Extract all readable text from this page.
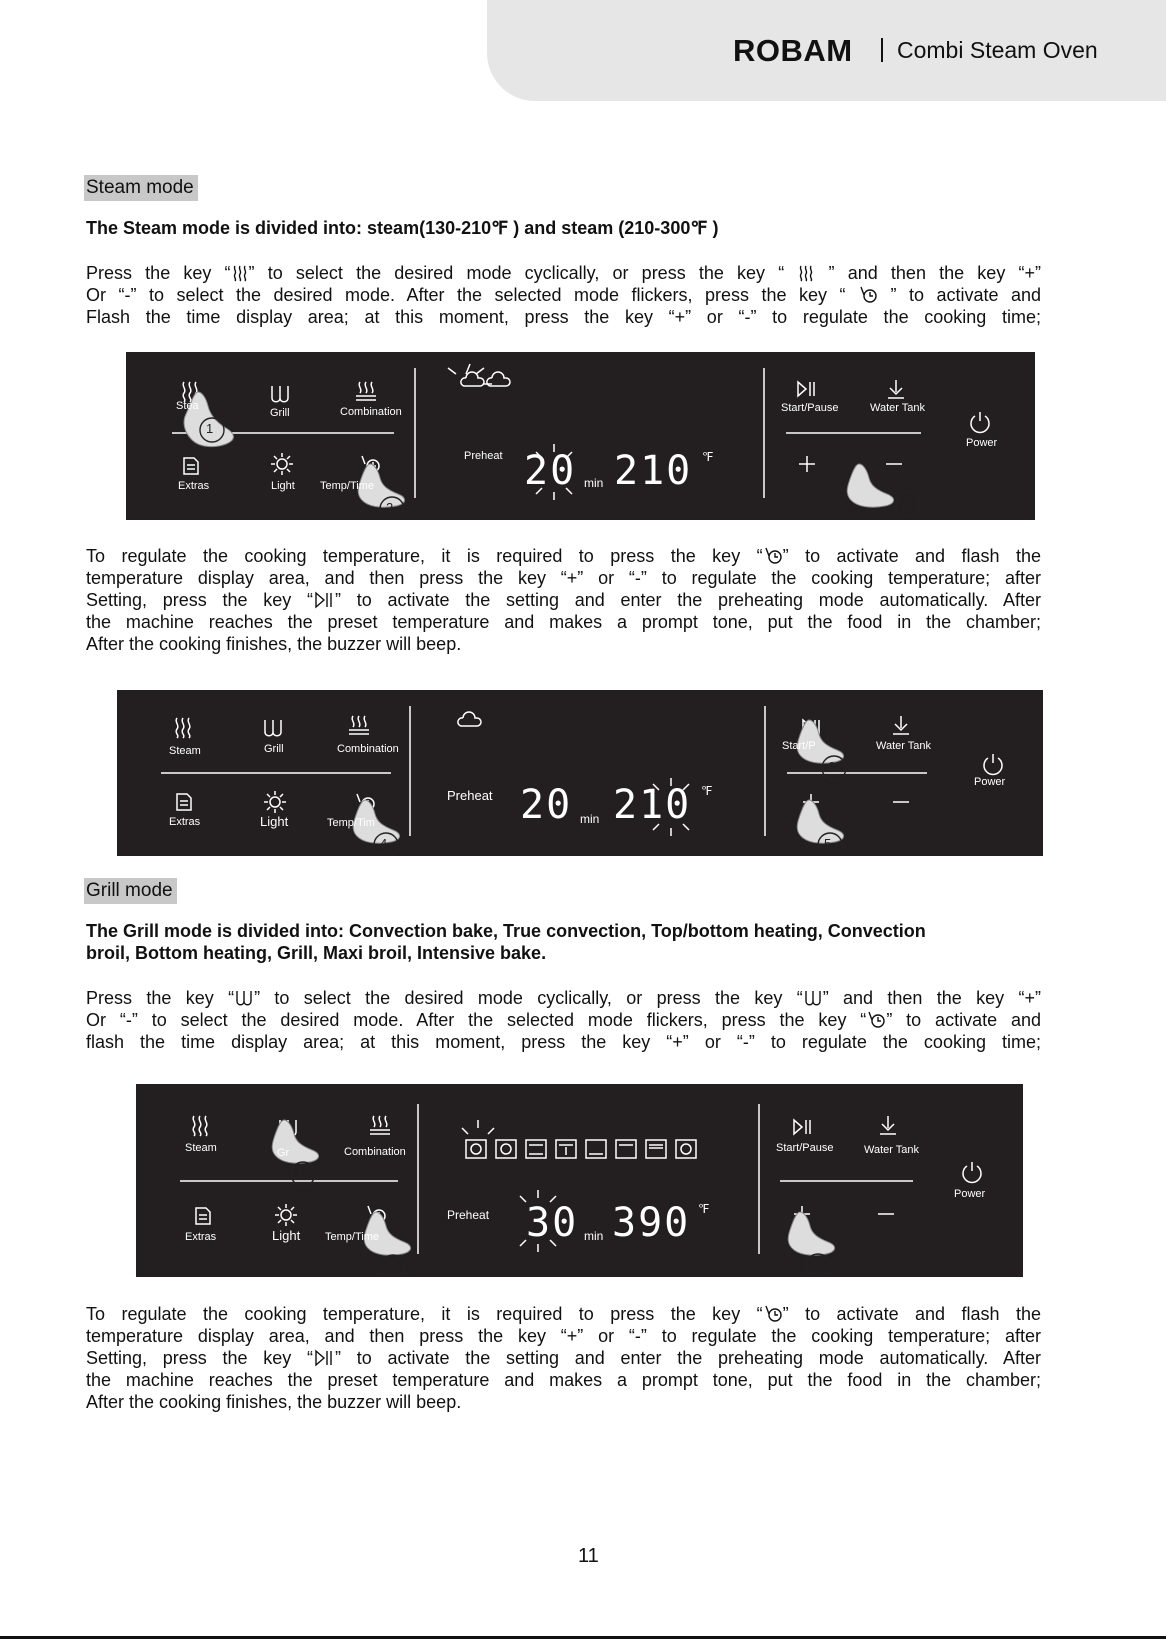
ROBAM Combi Steam Oven
Steam mode
The Steam mode is divided into: steam(130-210℉ ) and steam (210-300℉ )
Press the key “ ” to select the desired mode cyclically, or press the key “  ” and then the key “+”
Or “-” to select the desired mode. After the selected mode flickers, press the key “  ” to activate and
Flash the time display area; at this moment, press the key “+” or “-” to regulate the cooking time;
Stea
Grill	Combination
Extras	Light Temp/Time
Preheat 20 min 210 ℉
Start/Pause	Water Tank
Power
1
2	3
To regulate the cooking temperature, it is required to press the key “ ” to activate and flash the
temperature display area, and then press the key “+” or “-” to regulate the cooking temperature; after
Setting, press the key “ ” to activate the setting and enter the preheating mode automatically. After
the machine reaches the preset temperature and makes a prompt tone, put the food in the chamber;
After the cooking finishes, the buzzer will beep.
Steam	Grill	Combination
Extras	Light	Temp/Tim
Preheat 20 min 210 ℉
Start/P	Water Tank
Power
4	5
6
Grill mode
The Grill mode is divided into: Convection bake, True convection, Top/bottom heating, Convection
broil, Bottom heating, Grill, Maxi broil, Intensive bake.
Press the key “ ” to select the desired mode cyclically, or press the key “ ” and then the key “+”
Or “-” to select the desired mode. After the selected mode flickers, press the key “ ” to activate and
flash the time display area; at this moment, press the key “+” or “-” to regulate the cooking time;
Steam	Gr	Combination
Extras	Light Temp/Time
Preheat 30 min 390 ℉
Start/Pause	Water Tank
Power
1
2	3
To regulate the cooking temperature, it is required to press the key “ ” to activate and flash the
temperature display area, and then press the key “+” or “-” to regulate the cooking temperature; after
Setting, press the key “ ” to activate the setting and enter the preheating mode automatically. After
the machine reaches the preset temperature and makes a prompt tone, put the food in the chamber;
After the cooking finishes, the buzzer will beep.
11
